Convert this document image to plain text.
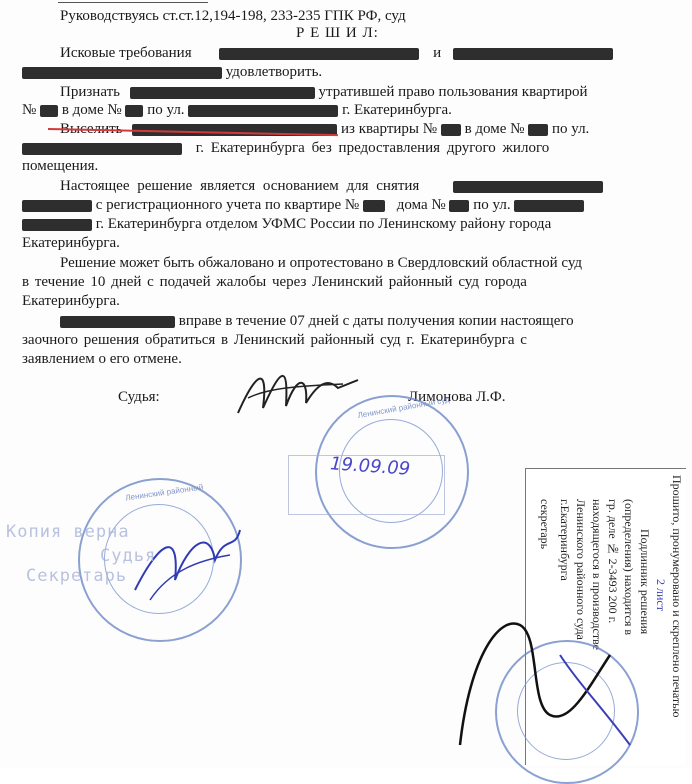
Руководствуясь ст.ст.12,194-198, 233-235 ГПК РФ, суд
Р Е Ш И Л:
Исковые требования	и
удовлетворить.
Признать	утратившей право пользования квартирой
№ в доме № по ул.	г. Екатеринбурга.
Выселить	из квартиры № в доме № по ул.
г. Екатеринбурга без предоставления другого жилого
помещения.
Настоящее решение является основанием для снятия
с регистрационного учета по квартире №	дома № по ул.
г. Екатеринбурга отделом УФМС России по Ленинскому району города
Екатеринбурга.
Решение может быть обжаловано и опротестовано в Свердловский областной суд
в течение 10 дней с подачей жалобы через Ленинский районный суд города
Екатеринбурга.
вправе в течение 07 дней с даты получения копии настоящего
заочного решения обратиться в Ленинский районный суд г. Екатеринбурга с
заявлением о его отмене.
Судья:	Лимонова Л.Ф.
Ленинский районный суд
19.09.09
Ленинский районный
Копия верна
Судья
Секретарь	Прошито, пронумеровано и скреплено печатью
2 лист
Подлинник решения
(определения) находится в
гр. деле № 2-3493 200 г.
находящегося в производстве
Ленинского районного суда
г.Екатеринбурга
секретарь
